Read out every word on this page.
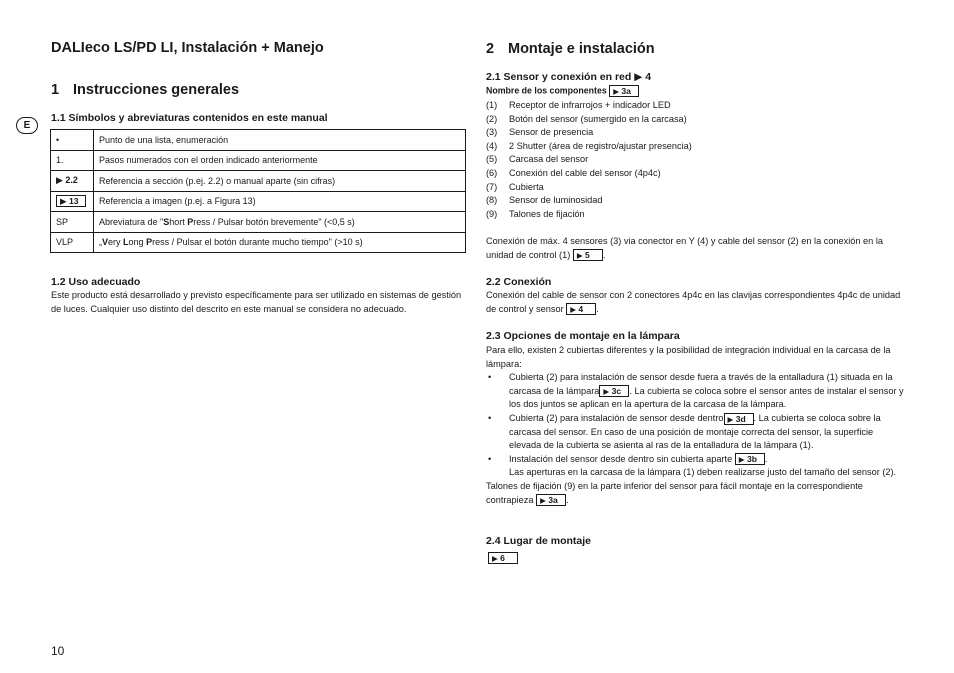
DALIeco LS/PD LI, Instalación + Manejo
1 Instrucciones generales
E
1.1 Símbolos y abreviaturas contenidos en este manual
•	Punto de una lista, enumeración
1.	Pasos numerados con el orden indicado anteriormente
▶ 2.2	Referencia a sección (p.ej. 2.2) o manual aparte (sin cifras)
▶ 13	Referencia a imagen (p.ej. a Figura 13)
SP	Abreviatura de "Short Press / Pulsar botón brevemente" (<0,5 s)
VLP	„Very Long Press / Pulsar el botón durante mucho tiempo" (>10 s)
1.2 Uso adecuado
Este producto está desarrollado y previsto específicamente para ser utilizado en sistemas de gestión de luces. Cualquier uso distinto del descrito en este manual se considera no adecuado.
10
2 Montaje e instalación
2.1 Sensor y conexión en red ▶ 4
Nombre de los componentes ▶ 3a
(1) Receptor de infrarrojos + indicador LED
(2) Botón del sensor (sumergido en la carcasa)
(3) Sensor de presencia
(4) 2 Shutter (área de registro/ajustar presencia)
(5) Carcasa del sensor
(6) Conexión del cable del sensor (4p4c)
(7) Cubierta
(8) Sensor de luminosidad
(9) Talones de fijación
Conexión de máx. 4 sensores (3) via conector en Y (4) y cable del sensor (2) en la conexión en la unidad de control (1) ▶ 5 .
2.2 Conexión
Conexión del cable de sensor con 2 conectores 4p4c en las clavijas correspondientes 4p4c de unidad de control y sensor ▶ 4 .
2.3 Opciones de montaje en la lámpara
Para ello, existen 2 cubiertas diferentes y la posibilidad de integración individual en la carcasa de la lámpara:
• Cubierta (2) para instalación de sensor desde fuera a través de la entalladura (1) situada en la carcasa de la lámpara ▶ 3c . La cubierta se coloca sobre el sensor antes de instalar el sensor y los dos juntos se aplican en la apertura de la carcasa de la lámpara.
• Cubierta (2) para instalación de sensor desde dentro ▶ 3d . La cubierta se coloca sobre la carcasa del sensor. En caso de una posición de montaje correcta del sensor, la superficie elevada de la cubierta se asienta al ras de la entalladura de la lámpara (1).
• Instalación del sensor desde dentro sin cubierta aparte ▶ 3b .
Las aperturas en la carcasa de la lámpara (1) deben realizarse justo del tamaño del sensor (2).
Talones de fijación (9) en la parte inferior del sensor para fácil montaje en la correspondiente contrapieza ▶ 3a .
2.4 Lugar de montaje
▶ 6
